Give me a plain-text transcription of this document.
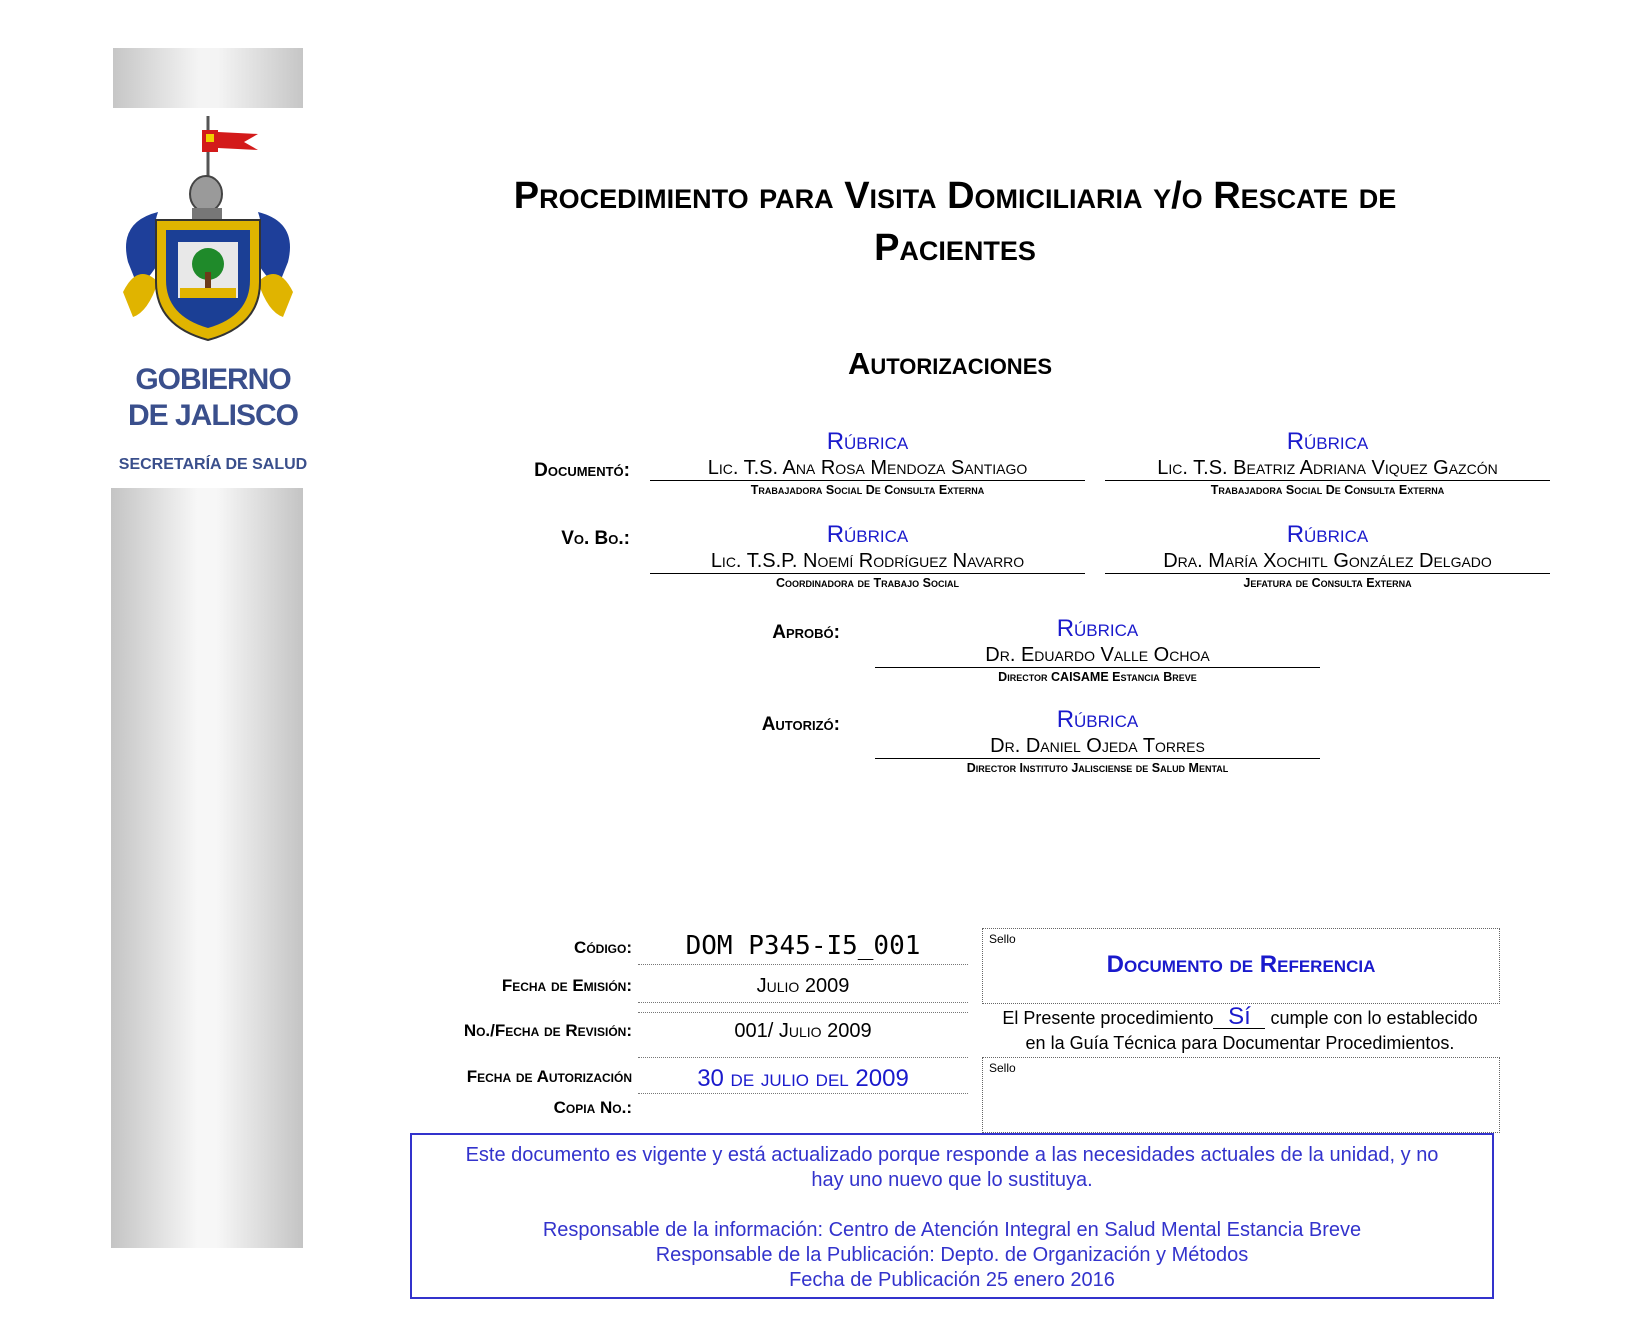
GOBIERNO
DE JALISCO
SECRETARÍA DE SALUD
Procedimiento para Visita Domiciliaria y/o Rescate de
Pacientes
Autorizaciones
Documentó:
Rúbrica
Lic. T.S. Ana Rosa Mendoza Santiago
Trabajadora Social De Consulta Externa
Rúbrica
Lic. T.S. Beatriz Adriana Viquez Gazcón
Trabajadora Social De Consulta Externa
Vo. Bo.:	Rúbrica
Lic. T.S.P. Noemí Rodríguez Navarro
Coordinadora de Trabajo Social
Rúbrica
Dra. María Xochitl González Delgado
Jefatura de Consulta Externa
Aprobó:	Rúbrica
Dr. Eduardo Valle Ochoa
Director CAISAME Estancia Breve
Autorizó:	Rúbrica
Dr. Daniel Ojeda Torres
Director Instituto Jalisciense de Salud Mental
Código:	DOM P345-I5_001
Fecha de Emisión:	Julio 2009
No./Fecha de Revisión:	001/ Julio 2009
Fecha de Autorización	30 de julio del 2009
Copia No.:
Sello
Documento de Referencia
El Presente procedimiento Sí cumple con lo establecido
en la Guía Técnica para Documentar Procedimientos.
Sello
Este documento es vigente y está actualizado porque responde a las necesidades actuales de la unidad, y no
hay uno nuevo que lo sustituya.
Responsable de la información: Centro de Atención Integral en Salud Mental Estancia Breve
Responsable de la Publicación: Depto. de Organización y Métodos
Fecha de Publicación 25 enero 2016
